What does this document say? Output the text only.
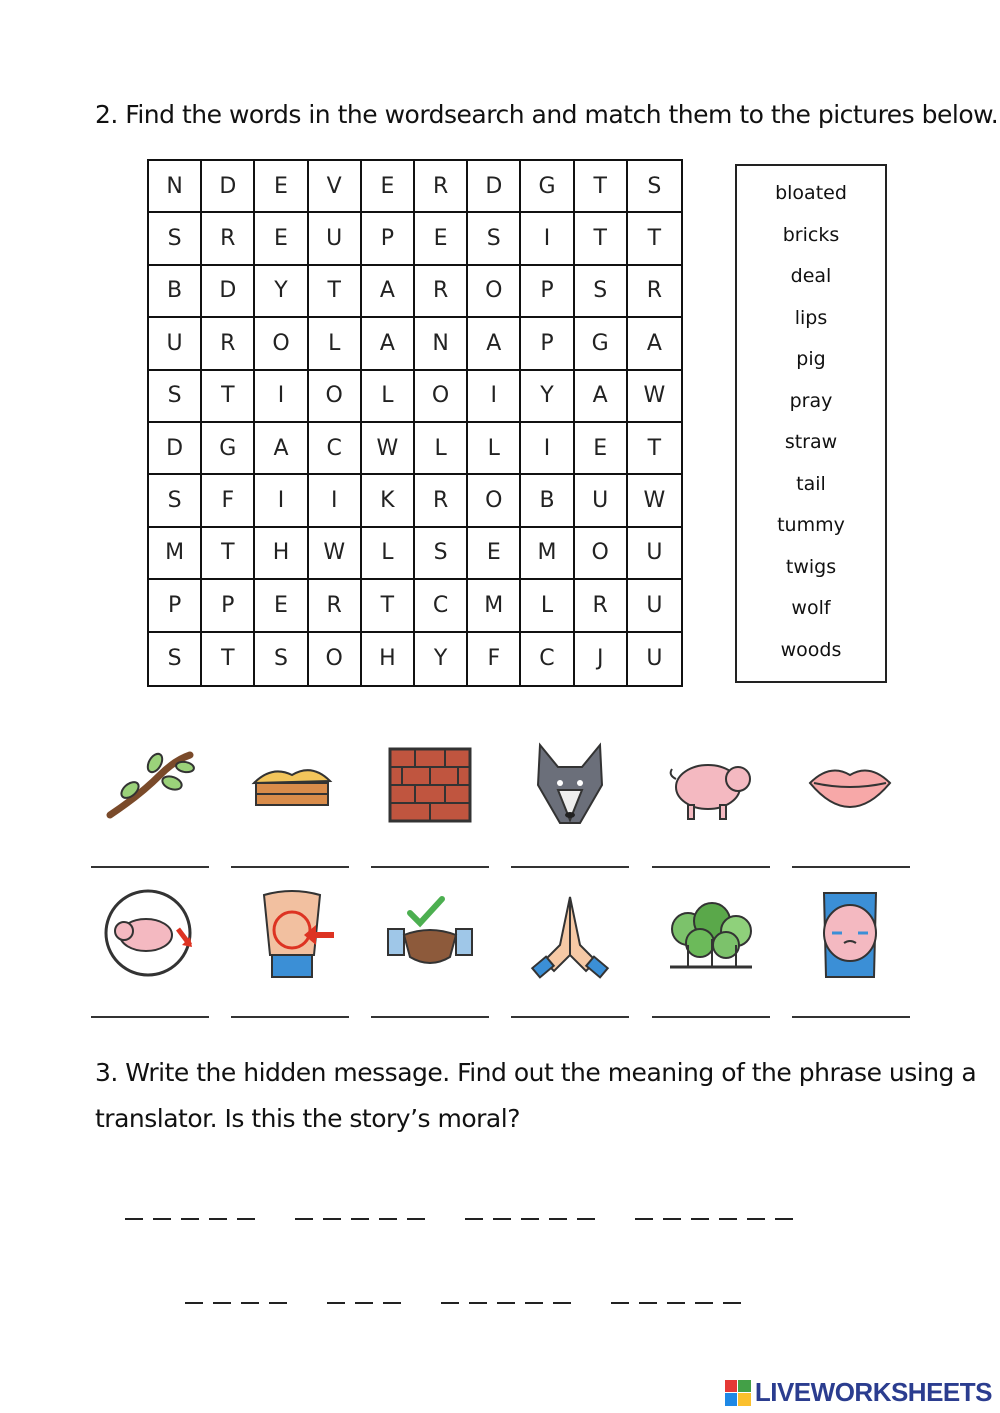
2. Find the words in the wordsearch and match them to the pictures below.
N	D	E	V	E	R	D	G	T	S
S	R	E	U	P	E	S	I	T	T
B	D	Y	T	A	R	O	P	S	R
U	R	O	L	A	N	A	P	G	A
S	T	I	O	L	O	I	Y	A	W
D	G	A	C	W	L	L	I	E	T
S	F	I	I	K	R	O	B	U	W
M	T	H	W	L	S	E	M	O	U
P	P	E	R	T	C	M	L	R	U
S	T	S	O	H	Y	F	C	J	U
bloated
bricks
deal
lips
pig
pray
straw
tail
tummy
twigs
wolf
woods
3. Write the hidden message. Find out the meaning of the phrase using a
translator. Is this the story’s moral?
LIVEWORKSHEETS
